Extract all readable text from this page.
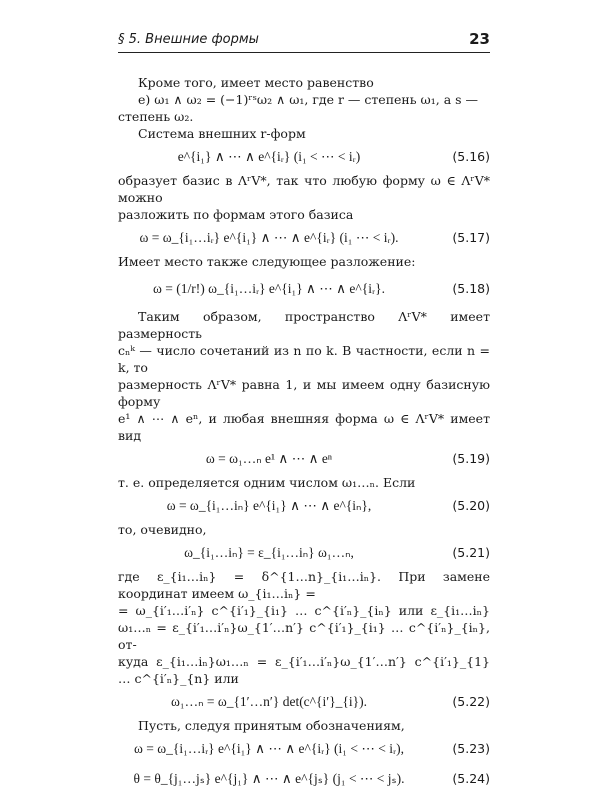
§ 5. Внешние формы	23

Кроме того, имеет место равенство

е) ω₁ ∧ ω₂ = (−1)ʳˢω₂ ∧ ω₁, где r — степень ω₁, а s —

степень ω₂.

Система внешних r-форм

e^{i₁} ∧ ⋯ ∧ e^{iᵣ} (i₁ < ⋯ < iᵣ)	(5.16)

образует базис в ΛʳV*, так что любую форму ω ∈ ΛʳV* можно

разложить по формам этого базиса

ω = ω_{i₁…iᵣ} e^{i₁} ∧ ⋯ ∧ e^{iᵣ} (i₁ ⋯ < iᵣ).	(5.17)

Имеет место также следующее разложение:

ω = (1/r!) ω_{i₁…iᵣ} e^{i₁} ∧ ⋯ ∧ e^{iᵣ}.	(5.18)

Таким образом, пространство ΛʳV* имеет размерность

cₙᵏ — число сочетаний из n по k. В частности, если n = k, то

размерность ΛʳV* равна 1, и мы имеем одну базисную форму

e¹ ∧ ⋯ ∧ eⁿ, и любая внешняя форма ω ∈ ΛʳV* имеет вид

ω = ω₁…ₙ e¹ ∧ ⋯ ∧ eⁿ	(5.19)

т. е. определяется одним числом ω₁…ₙ. Если

ω = ω_{i₁…iₙ} e^{i₁} ∧ ⋯ ∧ e^{iₙ},	(5.20)

то, очевидно,

ω_{i₁…iₙ} = ε_{i₁…iₙ} ω₁…ₙ,	(5.21)

где ε_{i₁…iₙ} = δ^{1…n}_{i₁…iₙ}. При замене координат имеем ω_{i₁…iₙ} =

= ω_{i′₁…i′ₙ} c^{i′₁}_{i₁} … c^{i′ₙ}_{iₙ} или ε_{i₁…iₙ}ω₁…ₙ = ε_{i′₁…i′ₙ}ω_{1′…n′} c^{i′₁}_{i₁} … c^{i′ₙ}_{iₙ}, от-

куда ε_{i₁…iₙ}ω₁…ₙ = ε_{i′₁…i′ₙ}ω_{1′…n′} c^{i′₁}_{1} … c^{i′ₙ}_{n} или

ω₁…ₙ = ω_{1′…n′} det(c^{i′}_{i}).	(5.22)

Пусть, следуя принятым обозначениям,

ω = ω_{i₁…iᵣ} e^{i₁} ∧ ⋯ ∧ e^{iᵣ} (i₁ < ⋯ < iᵣ),	(5.23)
θ = θ_{j₁…jₛ} e^{j₁} ∧ ⋯ ∧ e^{jₛ} (j₁ < ⋯ < jₛ).	(5.24)
